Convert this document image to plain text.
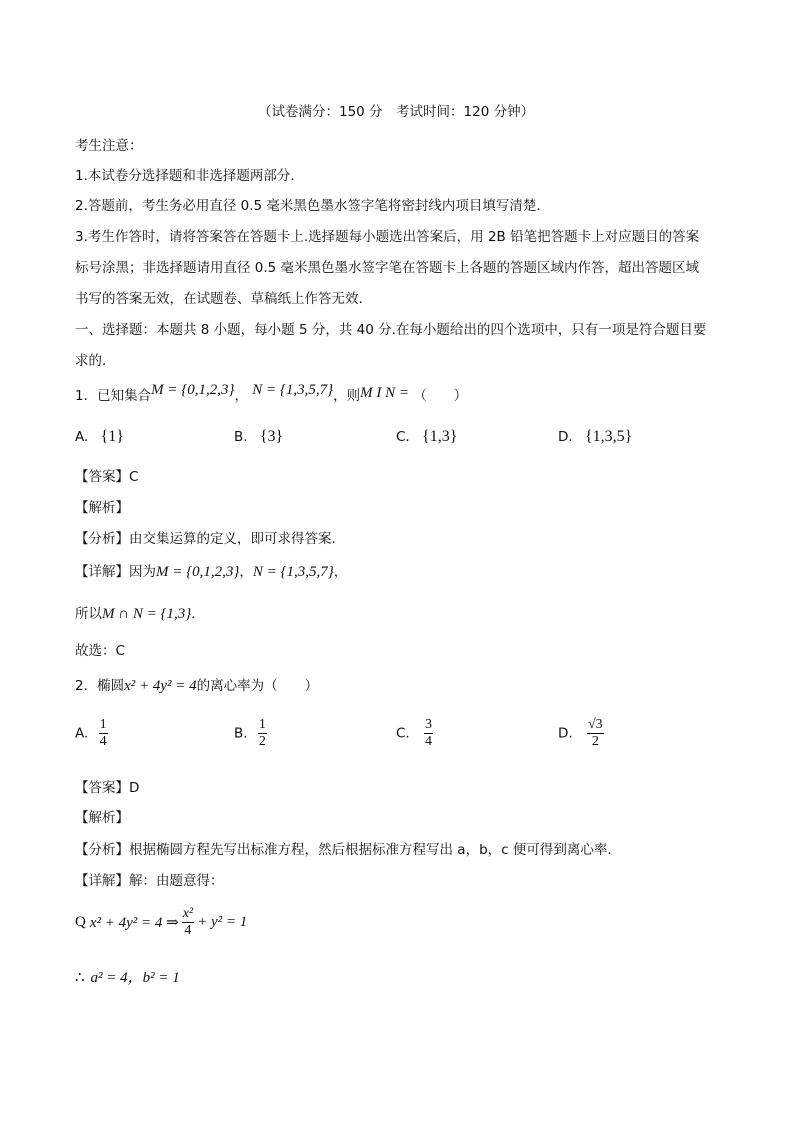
（试卷满分：150 分　考试时间：120 分钟）
考生注意：
1.本试卷分选择题和非选择题两部分.
2.答题前，考生务必用直径 0.5 毫米黑色墨水签字笔将密封线内项目填写清楚.
3.考生作答时，请将答案答在答题卡上.选择题每小题选出答案后，用 2B 铅笔把答题卡上对应题目的答案
标号涂黑；非选择题请用直径 0.5 毫米黑色墨水签字笔在答题卡上各题的答题区域内作答，超出答题区域
书写的答案无效，在试题卷、草稿纸上作答无效.
一、选择题：本题共 8 小题，每小题 5 分，共 40 分.在每小题给出的四个选项中，只有一项是符合题目要
求的.
1．已知集合M = {0,1,2,3}， N = {1,3,5,7}，则M I N = （　　）
A. {1}	B. {3}	C. {1,3}	D. {1,3,5}
【答案】C
【解析】
【分析】由交集运算的定义，即可求得答案.
【详解】因为M = {0,1,2,3}，N = {1,3,5,7}，
所以M ∩ N = {1,3}.
故选：C
2．椭圆x² + 4y² = 4的离心率为（　　）
A. $\frac{1}{4}$	B. $\frac{1}{2}$	C. $\frac{3}{4}$	D. $\frac{√3}{2}$
【答案】D
【解析】
【分析】根据椭圆方程先写出标准方程，然后根据标准方程写出 a，b，c 便可得到离心率.
【详解】解：由题意得：
Q x² + 4y² = 4 ⇒ $\frac{\text{x²}}{4} + y^2 = 1$
∴ a² = 4，b² = 1
